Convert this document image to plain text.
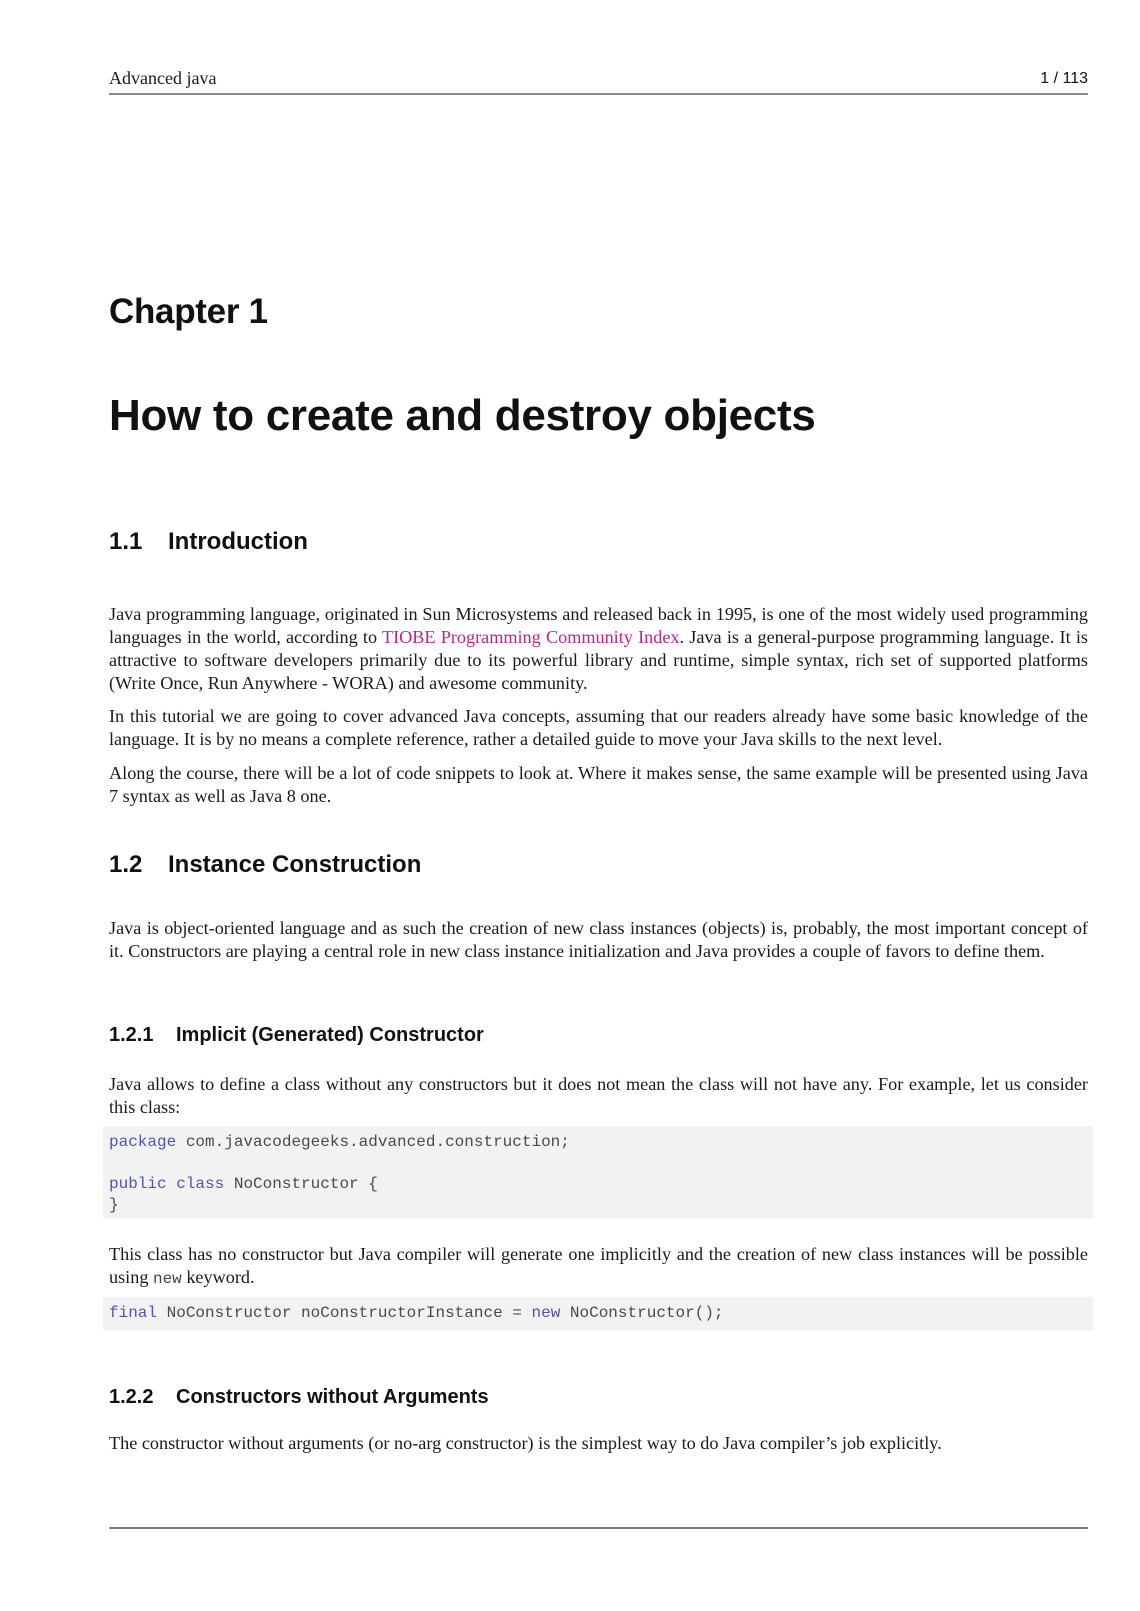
Advanced java	1 / 113
Chapter 1
How to create and destroy objects
1.1 Introduction
Java programming language, originated in Sun Microsystems and released back in 1995, is one of the most widely used programming languages in the world, according to TIOBE Programming Community Index. Java is a general-purpose programming language. It is attractive to software developers primarily due to its powerful library and runtime, simple syntax, rich set of supported platforms (Write Once, Run Anywhere - WORA) and awesome community.
In this tutorial we are going to cover advanced Java concepts, assuming that our readers already have some basic knowledge of the language. It is by no means a complete reference, rather a detailed guide to move your Java skills to the next level.
Along the course, there will be a lot of code snippets to look at. Where it makes sense, the same example will be presented using Java 7 syntax as well as Java 8 one.
1.2 Instance Construction
Java is object-oriented language and as such the creation of new class instances (objects) is, probably, the most important concept of it. Constructors are playing a central role in new class instance initialization and Java provides a couple of favors to define them.
1.2.1 Implicit (Generated) Constructor
Java allows to define a class without any constructors but it does not mean the class will not have any. For example, let us consider this class:
package com.javacodegeeks.advanced.construction;
public class NoConstructor {
}
This class has no constructor but Java compiler will generate one implicitly and the creation of new class instances will be possible using new keyword.
final NoConstructor noConstructorInstance = new NoConstructor();
1.2.2 Constructors without Arguments
The constructor without arguments (or no-arg constructor) is the simplest way to do Java compiler’s job explicitly.
